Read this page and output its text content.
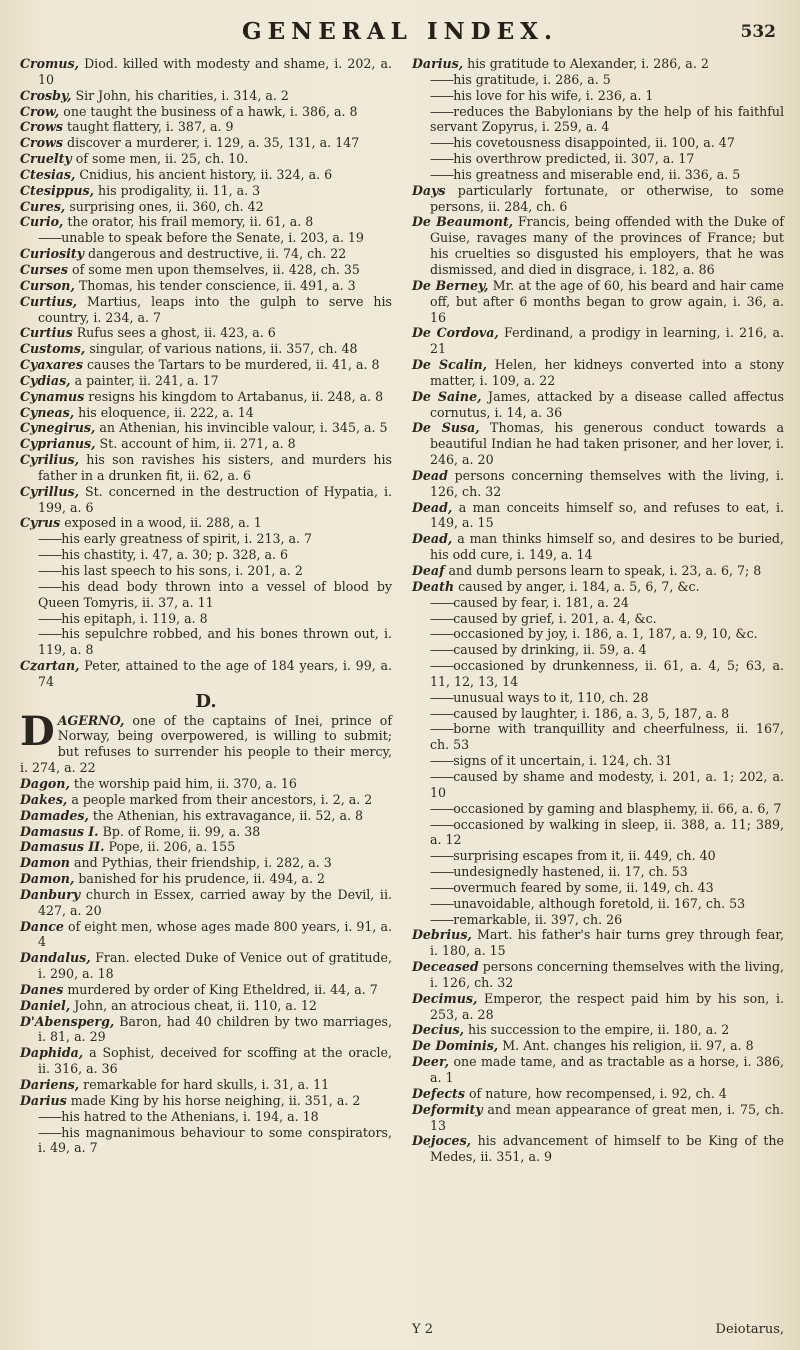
GENERAL INDEX.	532

Cromus, Diod. killed with modesty and shame, i. 202, a. 10

Crosby, Sir John, his charities, i. 314, a. 2

Crow, one taught the business of a hawk, i. 386, a. 8

Crows taught flattery, i. 387, a. 9

Crows discover a murderer, i. 129, a. 35, 131, a. 147

Cruelty of some men, ii. 25, ch. 10.

Ctesias, Cnidius, his ancient history, ii. 324, a. 6

Ctesippus, his prodigality, ii. 11, a. 3

Cures, surprising ones, ii. 360, ch. 42

Curio, the orator, his frail memory, ii. 61, a. 8

—— unable to speak before the Senate, i. 203, a. 19

Curiosity dangerous and destructive, ii. 74, ch. 22

Curses of some men upon themselves, ii. 428, ch. 35

Curson, Thomas, his tender conscience, ii. 491, a. 3

Curtius, Martius, leaps into the gulph to serve his country, i. 234, a. 7

Curtius Rufus sees a ghost, ii. 423, a. 6

Customs, singular, of various nations, ii. 357, ch. 48

Cyaxares causes the Tartars to be murdered, ii. 41, a. 8

Cydias, a painter, ii. 241, a. 17

Cynamus resigns his kingdom to Artabanus, ii. 248, a. 8

Cyneas, his eloquence, ii. 222, a. 14

Cynegirus, an Athenian, his invincible valour, i. 345, a. 5

Cyprianus, St. account of him, ii. 271, a. 8

Cyrilius, his son ravishes his sisters, and murders his father in a drunken fit, ii. 62, a. 6

Cyrillus, St. concerned in the destruction of Hypatia, i. 199, a. 6

Cyrus exposed in a wood, ii. 288, a. 1

—— his early greatness of spirit, i. 213, a. 7

—— his chastity, i. 47, a. 30; p. 328, a. 6

—— his last speech to his sons, i. 201, a. 2

—— his dead body thrown into a vessel of blood by Queen Tomyris, ii. 37, a. 11

—— his epitaph, i. 119, a. 8

—— his sepulchre robbed, and his bones thrown out, i. 119, a. 8

Czartan, Peter, attained to the age of 184 years, i. 99, a. 74

D.

DAGERNO, one of the captains of Inei, prince of Norway, being overpowered, is willing to submit; but refuses to surrender his people to their mercy, i. 274, a. 22

Dagon, the worship paid him, ii. 370, a. 16

Dakes, a people marked from their ancestors, i. 2, a. 2

Damades, the Athenian, his extravagance, ii. 52, a. 8

Damasus I. Bp. of Rome, ii. 99, a. 38

Damasus II. Pope, ii. 206, a. 155

Damon and Pythias, their friendship, i. 282, a. 3

Damon, banished for his prudence, ii. 494, a. 2

Danbury church in Essex, carried away by the Devil, ii. 427, a. 20

Dance of eight men, whose ages made 800 years, i. 91, a. 4

Dandalus, Fran. elected Duke of Venice out of gratitude, i. 290, a. 18

Danes murdered by order of King Etheldred, ii. 44, a. 7

Daniel, John, an atrocious cheat, ii. 110, a. 12

D'Abensperg, Baron, had 40 children by two marriages, i. 81, a. 29

Daphida, a Sophist, deceived for scoffing at the oracle, ii. 316, a. 36

Dariens, remarkable for hard skulls, i. 31, a. 11

Darius made King by his horse neighing, ii. 351, a. 2

—— his hatred to the Athenians, i. 194, a. 18

—— his magnanimous behaviour to some conspirators, i. 49, a. 7

Darius, his gratitude to Alexander, i. 286, a. 2

—— his gratitude, i. 286, a. 5

—— his love for his wife, i. 236, a. 1

—— reduces the Babylonians by the help of his faithful servant Zopyrus, i. 259, a. 4

—— his covetousness disappointed, ii. 100, a. 47

—— his overthrow predicted, ii. 307, a. 17

—— his greatness and miserable end, ii. 336, a. 5

Days particularly fortunate, or otherwise, to some persons, ii. 284, ch. 6

De Beaumont, Francis, being offended with the Duke of Guise, ravages many of the provinces of France; but his cruelties so disgusted his employers, that he was dismissed, and died in disgrace, i. 182, a. 86

De Berney, Mr. at the age of 60, his beard and hair came off, but after 6 months began to grow again, i. 36, a. 16

De Cordova, Ferdinand, a prodigy in learning, i. 216, a. 21

De Scalin, Helen, her kidneys converted into a stony matter, i. 109, a. 22

De Saine, James, attacked by a disease called affectus cornutus, i. 14, a. 36

De Susa, Thomas, his generous conduct towards a beautiful Indian he had taken prisoner, and her lover, i. 246, a. 20

Dead persons concerning themselves with the living, i. 126, ch. 32

Dead, a man conceits himself so, and refuses to eat, i. 149, a. 15

Dead, a man thinks himself so, and desires to be buried, his odd cure, i. 149, a. 14

Deaf and dumb persons learn to speak, i. 23, a. 6, 7; 8

Death caused by anger, i. 184, a. 5, 6, 7, &c.

—— caused by fear, i. 181, a. 24

—— caused by grief, i. 201, a. 4, &c.

—— occasioned by joy, i. 186, a. 1, 187, a. 9, 10, &c.

—— caused by drinking, ii. 59, a. 4

—— occasioned by drunkenness, ii. 61, a. 4, 5; 63, a. 11, 12, 13, 14

—— unusual ways to it, 110, ch. 28

—— caused by laughter, i. 186, a. 3, 5, 187, a. 8

—— borne with tranquillity and cheerfulness, ii. 167, ch. 53

—— signs of it uncertain, i. 124, ch. 31

—— caused by shame and modesty, i. 201, a. 1; 202, a. 10

—— occasioned by gaming and blasphemy, ii. 66, a. 6, 7

—— occasioned by walking in sleep, ii. 388, a. 11; 389, a. 12

—— surprising escapes from it, ii. 449, ch. 40

—— undesignedly hastened, ii. 17, ch. 53

—— overmuch feared by some, ii. 149, ch. 43

—— unavoidable, although foretold, ii. 167, ch. 53

—— remarkable, ii. 397, ch. 26

Debrius, Mart. his father's hair turns grey through fear, i. 180, a. 15

Deceased persons concerning themselves with the living, i. 126, ch. 32

Decimus, Emperor, the respect paid him by his son, i. 253, a. 28

Decius, his succession to the empire, ii. 180, a. 2

De Dominis, M. Ant. changes his religion, ii. 97, a. 8

Deer, one made tame, and as tractable as a horse, i. 386, a. 1

Defects of nature, how recompensed, i. 92, ch. 4

Deformity and mean appearance of great men, i. 75, ch. 13

Dejoces, his advancement of himself to be King of the Medes, ii. 351, a. 9

Y 2	Deiotarus,
